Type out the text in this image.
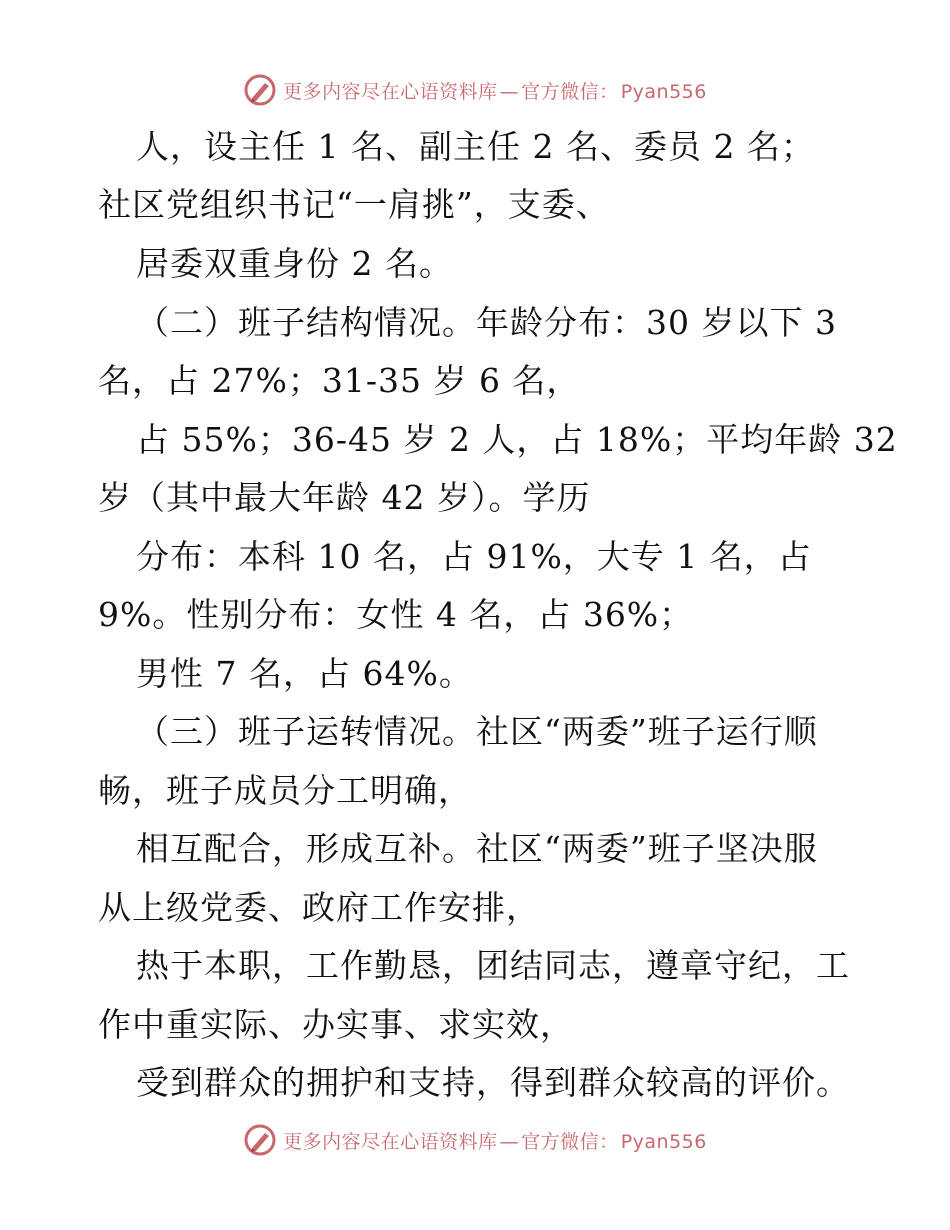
更多内容尽在心语资料库 — 官方微信： Pyan556
人，设主任 1 名、副主任 2 名、委员 2 名；
社区党组织书记“一肩挑”，支委、
居委双重身份 2 名。
（二）班子结构情况。年龄分布：30 岁以下 3
名，占 27%；31-35 岁 6 名，
占 55%；36-45 岁 2 人，占 18%；平均年龄 32
岁（其中最大年龄 42 岁）。学历
分布：本科 10 名，占 91%，大专 1 名，占
9%。性别分布：女性 4 名，占 36%；
男性 7 名，占 64%。
（三）班子运转情况。社区“两委”班子运行顺
畅，班子成员分工明确，
相互配合，形成互补。社区“两委”班子坚决服
从上级党委、政府工作安排，
热于本职，工作勤恳，团结同志，遵章守纪，工
作中重实际、办实事、求实效，
受到群众的拥护和支持，得到群众较高的评价。
更多内容尽在心语资料库 — 官方微信： Pyan556
